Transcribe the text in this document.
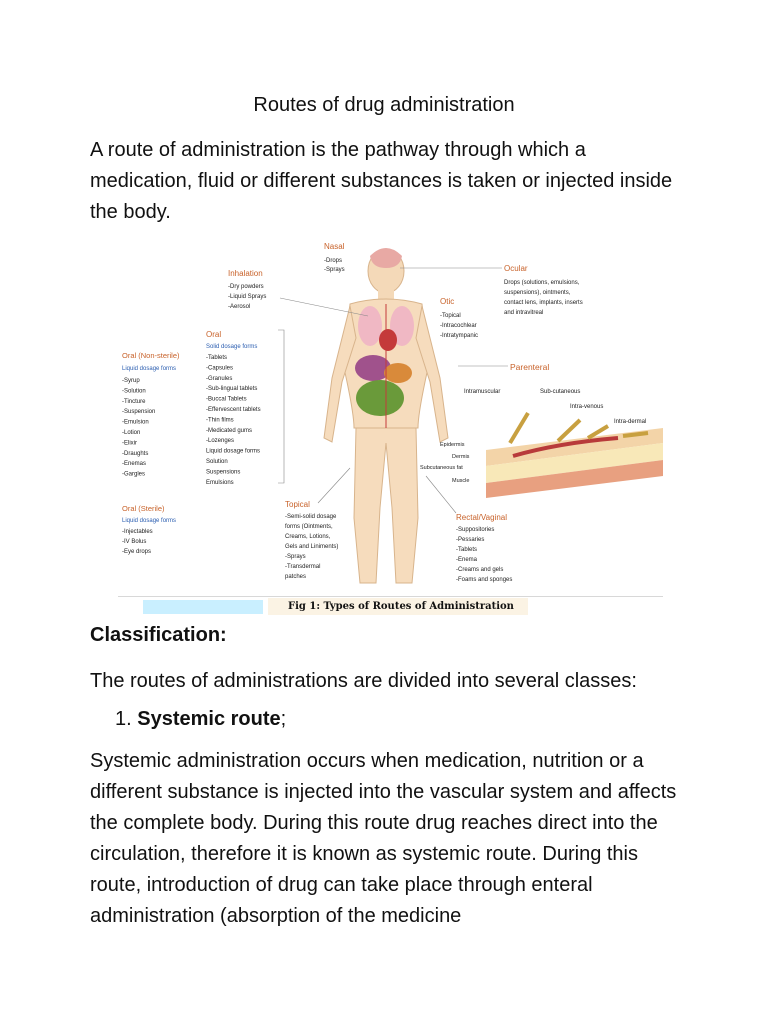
Routes of drug administration

A route of administration is the pathway through which a medication, fluid or different substances is taken or injected inside the body.

Nasal
-Drops
-Sprays
Inhalation
-Dry powders
-Liquid Sprays
-Aerosol
Ocular
Drops (solutions, emulsions,
suspensions), ointments,
contact lens, implants, inserts
and intravitreal
Otic
-Topical
-Intracochlear
-Intratympanic
Oral
Solid dosage forms
-Tablets
-Capsules
-Granules
-Sub-lingual tablets
-Buccal Tablets
-Effervescent tablets
-Thin films
-Medicated gums
-Lozenges
Liquid dosage forms
Solution
Suspensions
Emulsions
Oral (Non-sterile)
Liquid dosage forms
-Syrup
-Solution
-Tincture
-Suspension
-Emulsion
-Lotion
-Elixir
-Draughts
-Enemas
-Gargles
Oral (Sterile)
Liquid dosage forms
-Injectables
-IV Bolus
-Eye drops
Parenteral
Intramuscular	Sub-cutaneous
Intra-venous
Intra-dermal
Epidermis
Dermis
Subcutaneous fat
Muscle
Topical
-Semi-solid dosage
forms (Ointments,
Creams, Lotions,
Gels and Liniments)
-Sprays
-Transdermal
patches
Rectal/Vaginal
-Suppositories
-Pessaries
-Tablets
-Enema
-Creams and gels
-Foams and sponges
Fig 1: Types of Routes of Administration
Classification:

The routes of administrations are divided into several classes:

1. Systemic route;

Systemic administration occurs when medication, nutrition or a different substance is injected into the vascular system and affects the complete body. During this route drug reaches direct into the circulation, therefore it is known as systemic route. During this route, introduction of drug can take place through enteral administration (absorption of the medicine
